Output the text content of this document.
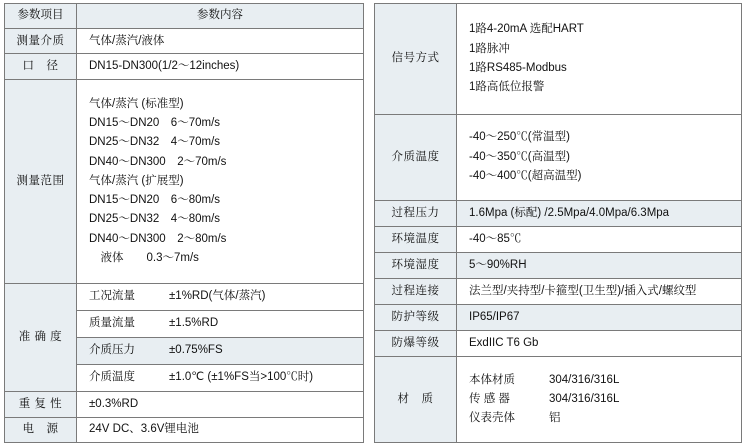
参数项目	参数内容
测量介质	气体/蒸汽/液体
口　径	DN15-DN300(1/2～12inches)
测量范围	
气体/蒸汽 (标准型)
DN15～DN20　6～70m/s
DN25～DN32　4～70m/s
DN40～DN300　2～70m/s
气体/蒸汽 (扩展型)
DN15～DN20　6～80m/s
DN25～DN32　4～80m/s
DN40～DN300　2～80m/s
　液体　　0.3～7m/s

准 确 度	工况流量 ±1%RD(气体/蒸汽)

	质量流量 ±1.5%RD

	介质压力 ±0.75%FS

	介质温度 ±1.0℃ (±1%FS当>100℃时)

重 复 性	±0.3%RD
电　源	24V DC、3.6V锂电池
信号方式	1路4-20mA 选配HART
1路脉冲
1路RS485-Modbus
1路高低位报警

介质温度	-40～250℃(常温型)
-40～350℃(高温型)
-40～400℃(超高温型)

过程压力	1.6Mpa (标配) /2.5Mpa/4.0Mpa/6.3Mpa
环境温度	-40～85℃
环境湿度	5～90%RH
过程连接	法兰型/夹持型/卡箍型(卫生型)/插入式/螺纹型
防护等级	IP65/IP67
防爆等级	ExdIIC T6 Gb
材　质	
本体材质	304/316/316L
传 感 器	304/316/316L
仪表壳体	铝
